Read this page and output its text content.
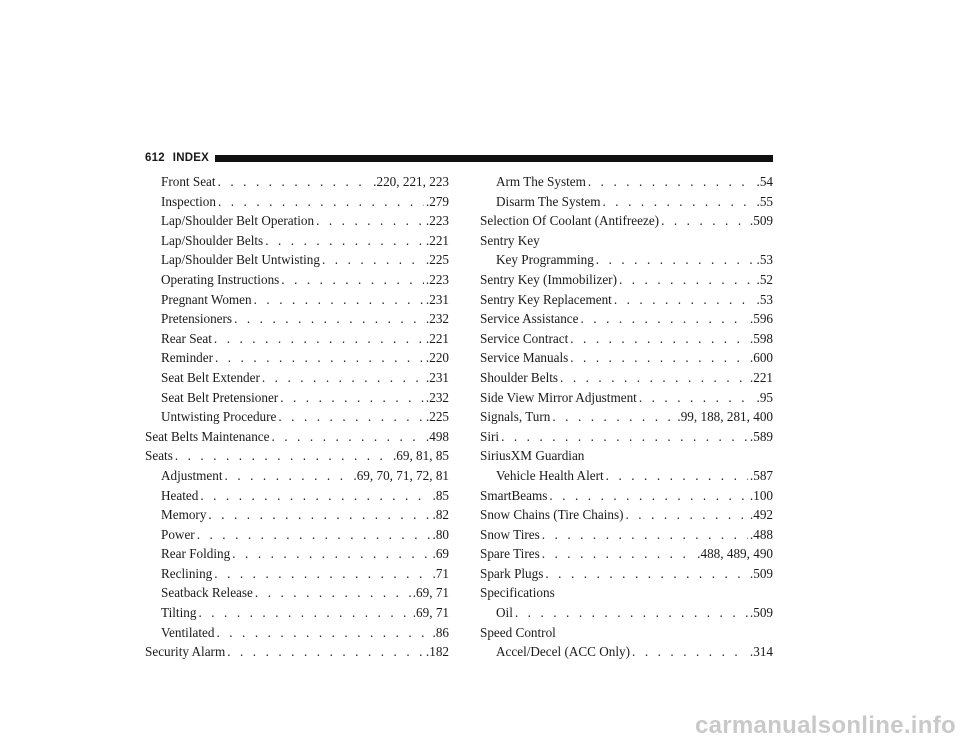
612 INDEX
Front Seat . . .	.220, 221, 223
Inspection . . .	.279
Lap/Shoulder Belt Operation . . .	.223
Lap/Shoulder Belts . . .	.221
Lap/Shoulder Belt Untwisting . . .	.225
Operating Instructions . . .	.223
Pregnant Women . . .	.231
Pretensioners . . .	.232
Rear Seat . . .	.221
Reminder . . .	.220
Seat Belt Extender . . .	.231
Seat Belt Pretensioner . . .	.232
Untwisting Procedure . . .	.225
Seat Belts Maintenance . . .	.498
Seats . . .	.69, 81, 85
Adjustment . . .	.69, 70, 71, 72, 81
Heated . . .	.85
Memory . . .	.82
Power . . .	.80
Rear Folding . . .	.69
Reclining . . .	.71
Seatback Release . . .	.69, 71
Tilting . . .	.69, 71
Ventilated . . .	.86
Security Alarm . . .	.182
Arm The System . . .	.54
Disarm The System . . .	.55
Selection Of Coolant (Antifreeze) . . .	.509
Sentry Key
Key Programming . . .	.53
Sentry Key (Immobilizer) . . .	.52
Sentry Key Replacement . . .	.53
Service Assistance . . .	.596
Service Contract . . .	.598
Service Manuals . . .	.600
Shoulder Belts . . .	.221
Side View Mirror Adjustment . . .	.95
Signals, Turn . . .	.99, 188, 281, 400
Siri . . .	.589
SiriusXM Guardian
Vehicle Health Alert . . .	.587
SmartBeams . . .	.100
Snow Chains (Tire Chains) . . .	.492
Snow Tires . . .	.488
Spare Tires . . .	.488, 489, 490
Spark Plugs . . .	.509
Specifications
Oil . . .	.509
Speed Control
Accel/Decel (ACC Only) . . .	.314
carmanualsonline.info
